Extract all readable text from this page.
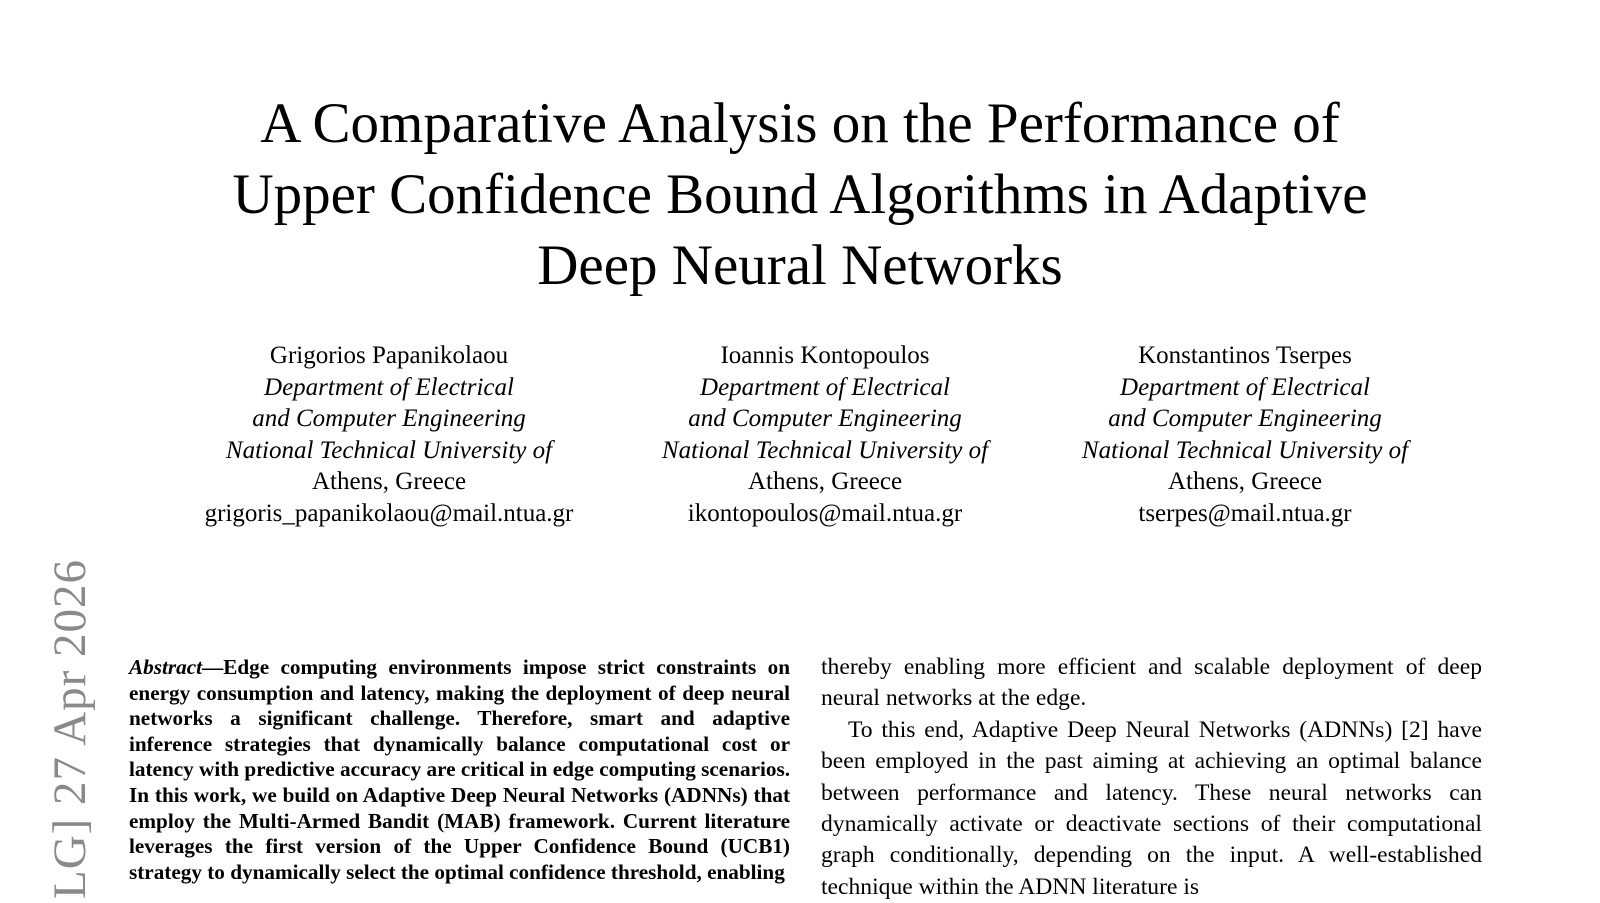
A Comparative Analysis on the Performance of
Upper Confidence Bound Algorithms in Adaptive
Deep Neural Networks
Grigorios Papanikolaou
Department of Electrical
and Computer Engineering
National Technical University of
Athens, Greece
grigoris_papanikolaou@mail.ntua.gr
Ioannis Kontopoulos
Department of Electrical
and Computer Engineering
National Technical University of
Athens, Greece
ikontopoulos@mail.ntua.gr
Konstantinos Tserpes
Department of Electrical
and Computer Engineering
National Technical University of
Athens, Greece
tserpes@mail.ntua.gr
LG] 27 Apr 2026 Abstract—Edge computing environments impose strict constraints on energy consumption and latency, making the deployment of deep neural networks a significant challenge. Therefore, smart and adaptive inference strategies that dynamically balance computational cost or latency with predictive accuracy are critical in edge computing scenarios. In this work, we build on Adaptive Deep Neural Networks (ADNNs) that employ the Multi-Armed Bandit (MAB) framework. Current literature leverages the first version of the Upper Confidence Bound (UCB1) strategy to dynamically select the optimal confidence threshold, enabling

thereby enabling more efficient and scalable deployment of deep neural networks at the edge.

To this end, Adaptive Deep Neural Networks (ADNNs) [2] have been employed in the past aiming at achieving an optimal balance between performance and latency. These neural networks can dynamically activate or deactivate sections of their computational graph conditionally, depending on the input. A well-established technique within the ADNN literature is
